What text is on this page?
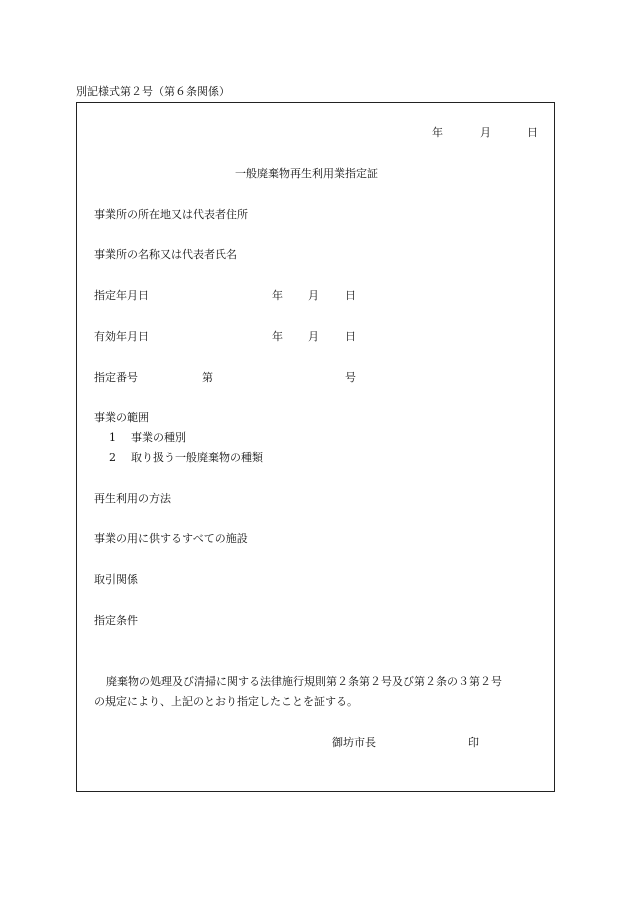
別記様式第２号（第６条関係）
年	月	日
一般廃棄物再生利用業指定証
事業所の所在地又は代表者住所
事業所の名称又は代表者氏名
指定年月日	年 月 日
有効年月日	年 月 日
指定番号	第	号
事業の範囲
1 事業の種別
2 取り扱う一般廃棄物の種類
再生利用の方法
事業の用に供するすべての施設
取引関係
指定条件
廃棄物の処理及び清掃に関する法律施行規則第２条第２号及び第２条の３第２号
の規定により、上記のとおり指定したことを証する。
御坊市長	印
